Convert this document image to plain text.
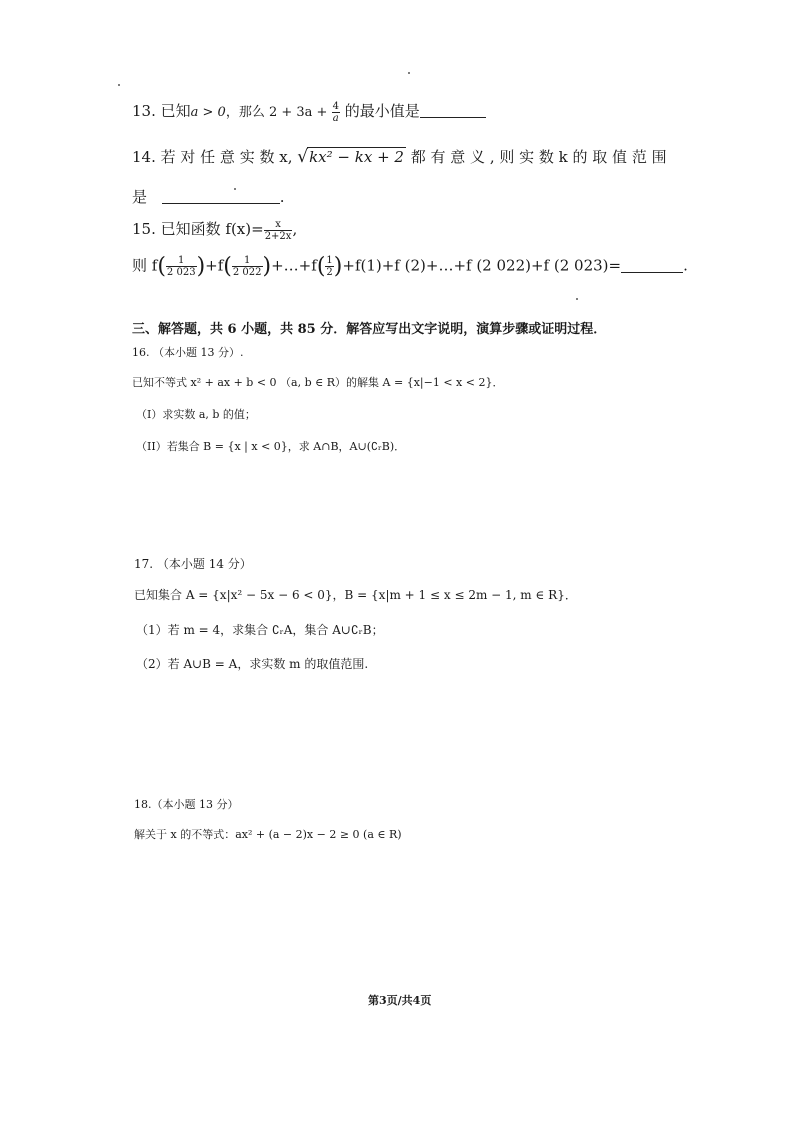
13. 已知a > 0，那么 $2 + 3a + \frac{4}{a}$ 的最小值是
14. 若 对 任 意 实 数 x, √kx² − kx + 2 都 有 意 义 , 则 实 数 k 的 取 值 范 围
是	.
15. 已知函数 $f(x)= \frac{x}{2+2x}$ ,
则 $f( \frac{1}{2 023} )+f( \frac{1}{2 022}$ )+…+f( $\frac{1}{2} )+f(1)+f$ (2)+…+f (2 022)+f (2 023)=	.
三、解答题，共 6 小题，共 85 分．解答应写出文字说明，演算步骤或证明过程．
16. （本小题 13 分）.
已知不等式 x² + ax + b < 0 （a, b ∈ R）的解集 A = {x|−1 < x < 2}．
（I）求实数 a, b 的值；
（II）若集合 B = {x | x < 0}，求 A∩B，A∪(∁ᵣB)．
17. （本小题 14 分）
已知集合 A = {x|x² − 5x − 6 < 0}，B = {x|m + 1 ≤ x ≤ 2m − 1, m ∈ R}．
（1）若 m = 4，求集合 ∁ᵣA，集合 A∪∁ᵣB；
（2）若 A∪B = A，求实数 m 的取值范围.
18.（本小题 13 分）
解关于 x 的不等式：ax² + (a − 2)x − 2 ≥ 0 (a ∈ R)
第3页/共4页
